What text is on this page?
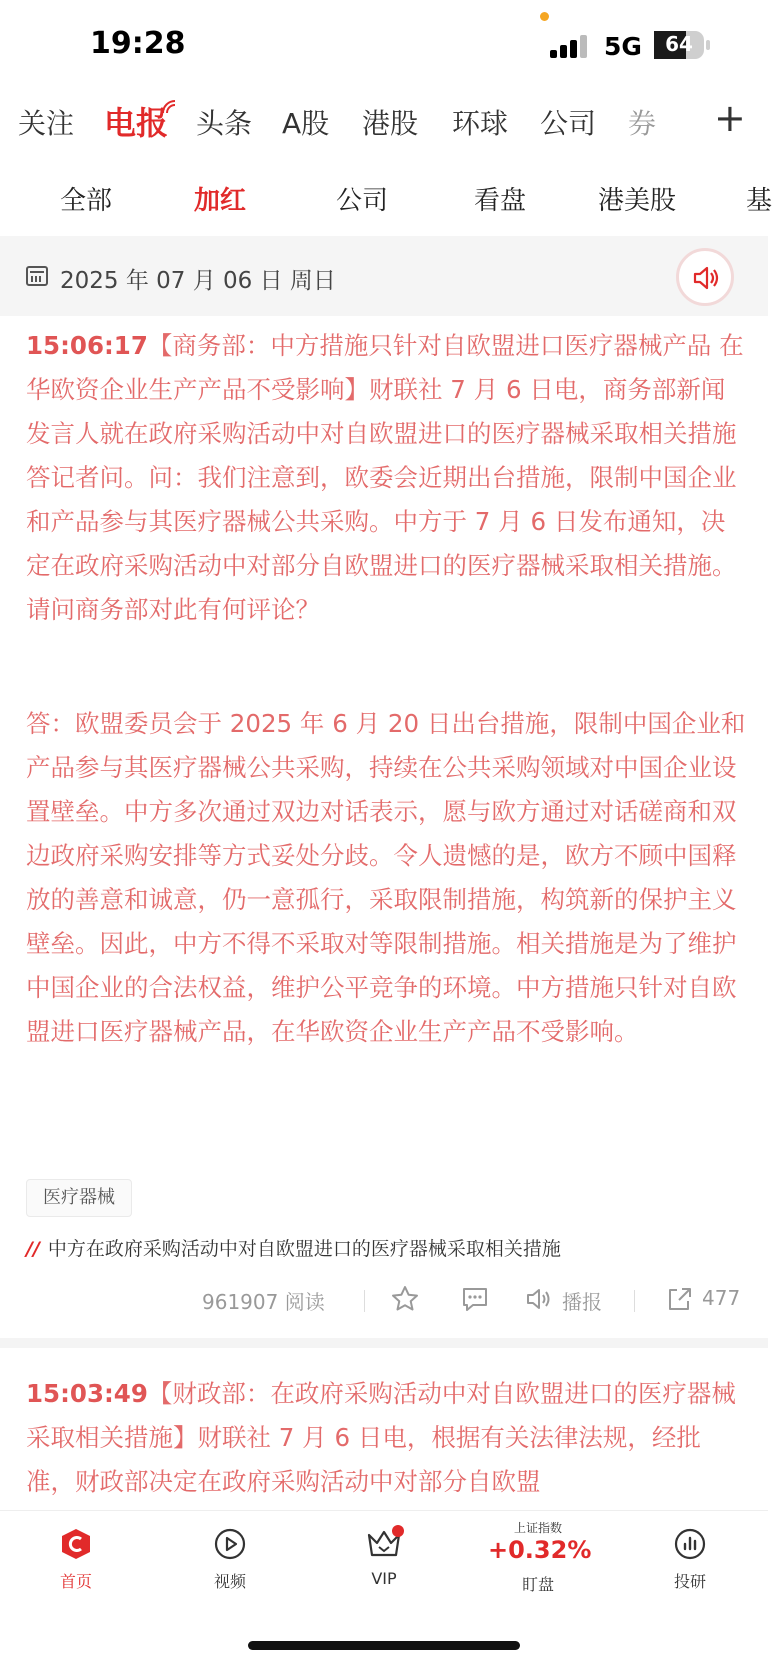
19:28	5G	64
关注 电报 头条 A股 港股 环球 公司 券 +
全部	加红	公司	看盘	港美股	基
2025 年 07 月 06 日 周日

15:06:17【商务部：中方措施只针对自欧盟进口医疗器械产品 在华欧资企业生产产品不受影响】财联社 7 月 6 日电，商务部新闻发言人就在政府采购活动中对自欧盟进口的医疗器械采取相关措施答记者问。问：我们注意到，欧委会近期出台措施，限制中国企业和产品参与其医疗器械公共采购。中方于 7 月 6 日发布通知，决定在政府采购活动中对部分自欧盟进口的医疗器械采取相关措施。请问商务部对此有何评论？

答：欧盟委员会于 2025 年 6 月 20 日出台措施，限制中国企业和产品参与其医疗器械公共采购，持续在公共采购领域对中国企业设置壁垒。中方多次通过双边对话表示，愿与欧方通过对话磋商和双边政府采购安排等方式妥处分歧。令人遗憾的是，欧方不顾中国释放的善意和诚意，仍一意孤行，采取限制措施，构筑新的保护主义壁垒。因此，中方不得不采取对等限制措施。相关措施是为了维护中国企业的合法权益，维护公平竞争的环境。中方措施只针对自欧盟进口医疗器械产品，在华欧资企业生产产品不受影响。

医疗器械
// 中方在政府采购活动中对自欧盟进口的医疗器械采取相关措施
961907 阅读	播报	477

15:03:49【财政部：在政府采购活动中对自欧盟进口的医疗器械采取相关措施】财联社 7 月 6 日电，根据有关法律法规，经批准，财政部决定在政府采购活动中对部分自欧盟

首页	视频	VIP
上证指数
+0.32%
盯盘	投研
